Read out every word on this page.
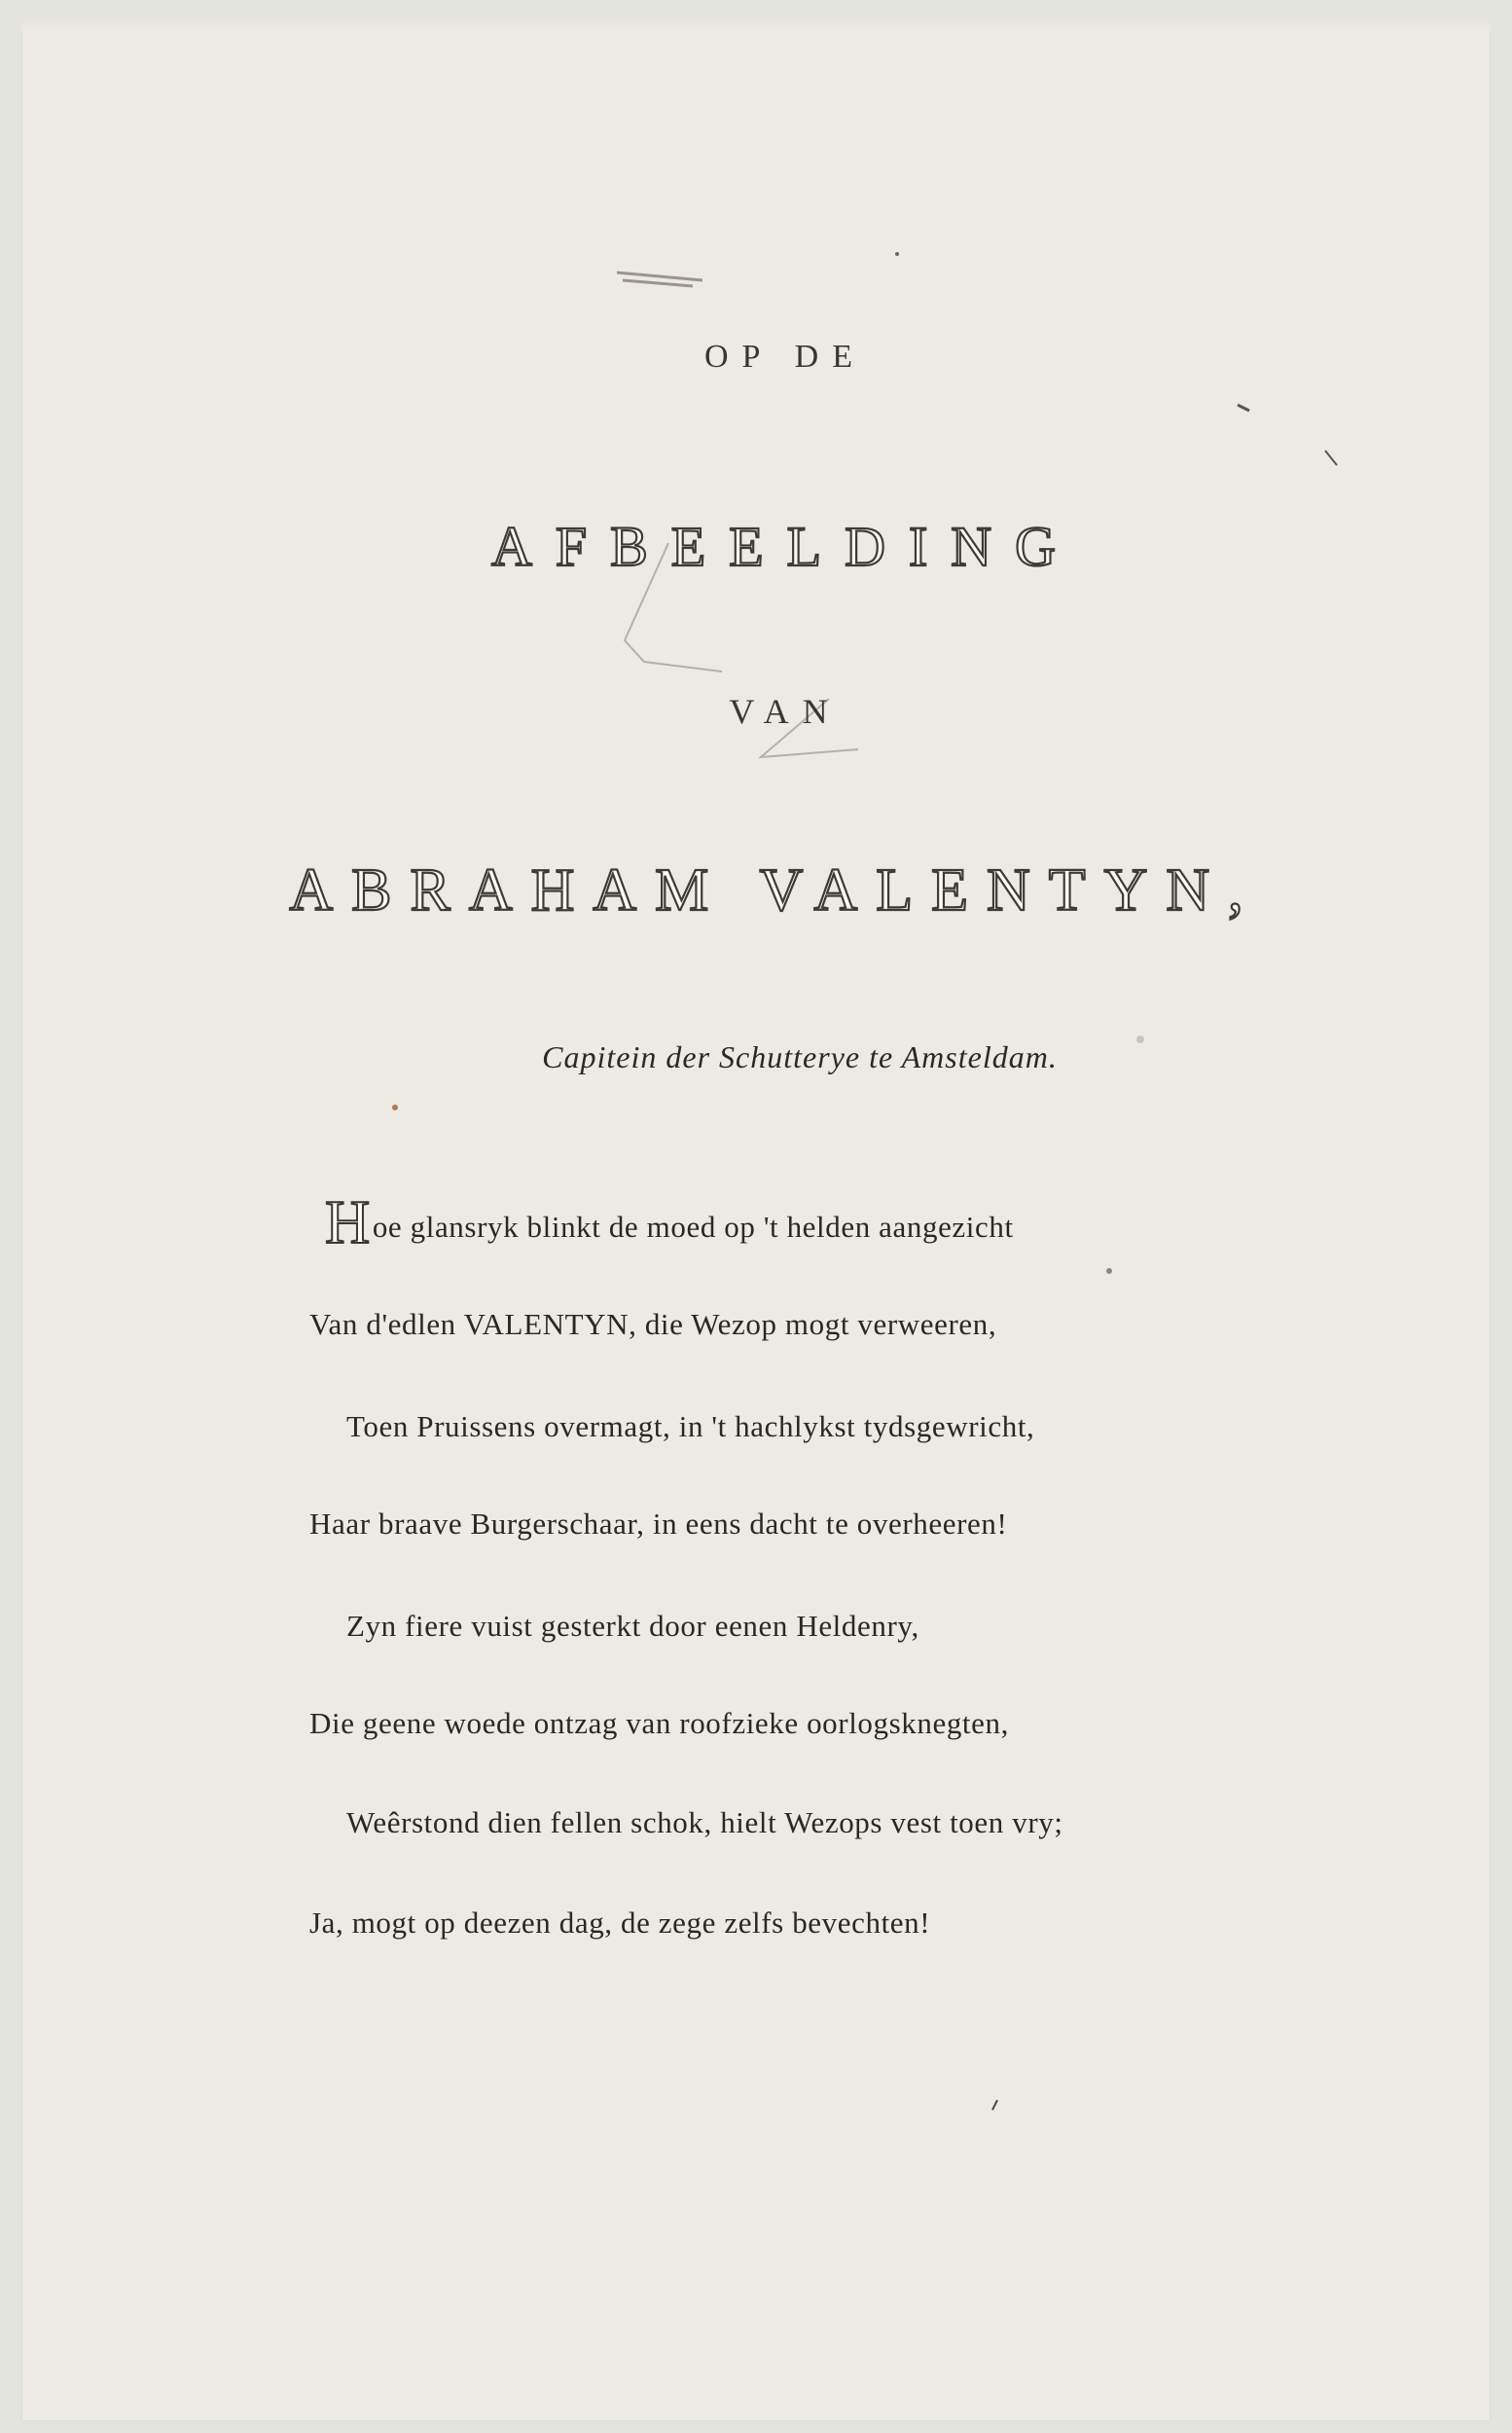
OP DE

AFBEELDING

VAN

ABRAHAM VALENTYN,

Capitein der Schutterye te Amsteldam.

Hoe glansryk blinkt de moed op 't helden aangezicht
Van d'edlen VALENTYN, die Wezop mogt verweeren,
Toen Pruissens overmagt, in 't hachlykst tydsgewricht,
Haar braave Burgerschaar, in eens dacht te overheeren!
Zyn fiere vuist gesterkt door eenen Heldenry,
Die geene woede ontzag van roofzieke oorlogsknegten,
Weêrstond dien fellen schok, hielt Wezops vest toen vry;
Ja, mogt op deezen dag, de zege zelfs bevechten!
